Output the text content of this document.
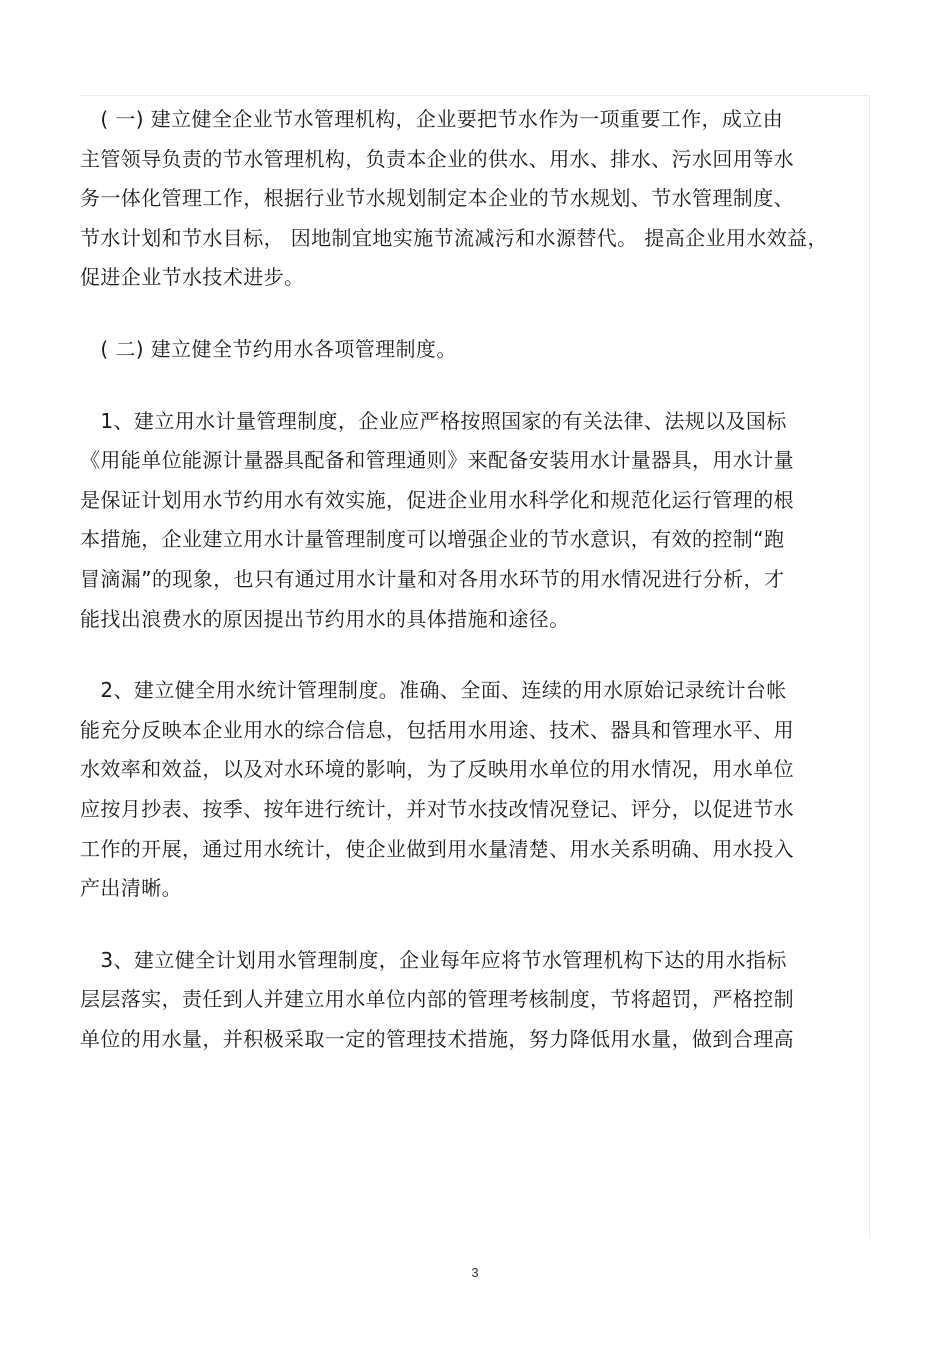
　( 一) 建立健全企业节水管理机构，企业要把节水作为一项重要工作，成立由
主管领导负责的节水管理机构，负责本企业的供水、用水、排水、污水回用等水
务一体化管理工作，根据行业节水规划制定本企业的节水规划、节水管理制度、
节水计划和节水目标， 因地制宜地实施节流减污和水源替代。 提高企业用水效益，
促进企业节水技术进步。

　( 二) 建立健全节约用水各项管理制度。

　1、建立用水计量管理制度，企业应严格按照国家的有关法律、法规以及国标
《用能单位能源计量器具配备和管理通则》来配备安装用水计量器具，用水计量
是保证计划用水节约用水有效实施，促进企业用水科学化和规范化运行管理的根
本措施，企业建立用水计量管理制度可以增强企业的节水意识，有效的控制“跑
冒滴漏”的现象，也只有通过用水计量和对各用水环节的用水情况进行分析，才
能找出浪费水的原因提出节约用水的具体措施和途径。

　2、建立健全用水统计管理制度。准确、全面、连续的用水原始记录统计台帐
能充分反映本企业用水的综合信息，包括用水用途、技术、器具和管理水平、用
水效率和效益，以及对水环境的影响，为了反映用水单位的用水情况，用水单位
应按月抄表、按季、按年进行统计，并对节水技改情况登记、评分，以促进节水
工作的开展，通过用水统计，使企业做到用水量清楚、用水关系明确、用水投入
产出清晰。

　3、建立健全计划用水管理制度，企业每年应将节水管理机构下达的用水指标
层层落实，责任到人并建立用水单位内部的管理考核制度，节将超罚，严格控制
单位的用水量，并积极采取一定的管理技术措施，努力降低用水量，做到合理高

3
